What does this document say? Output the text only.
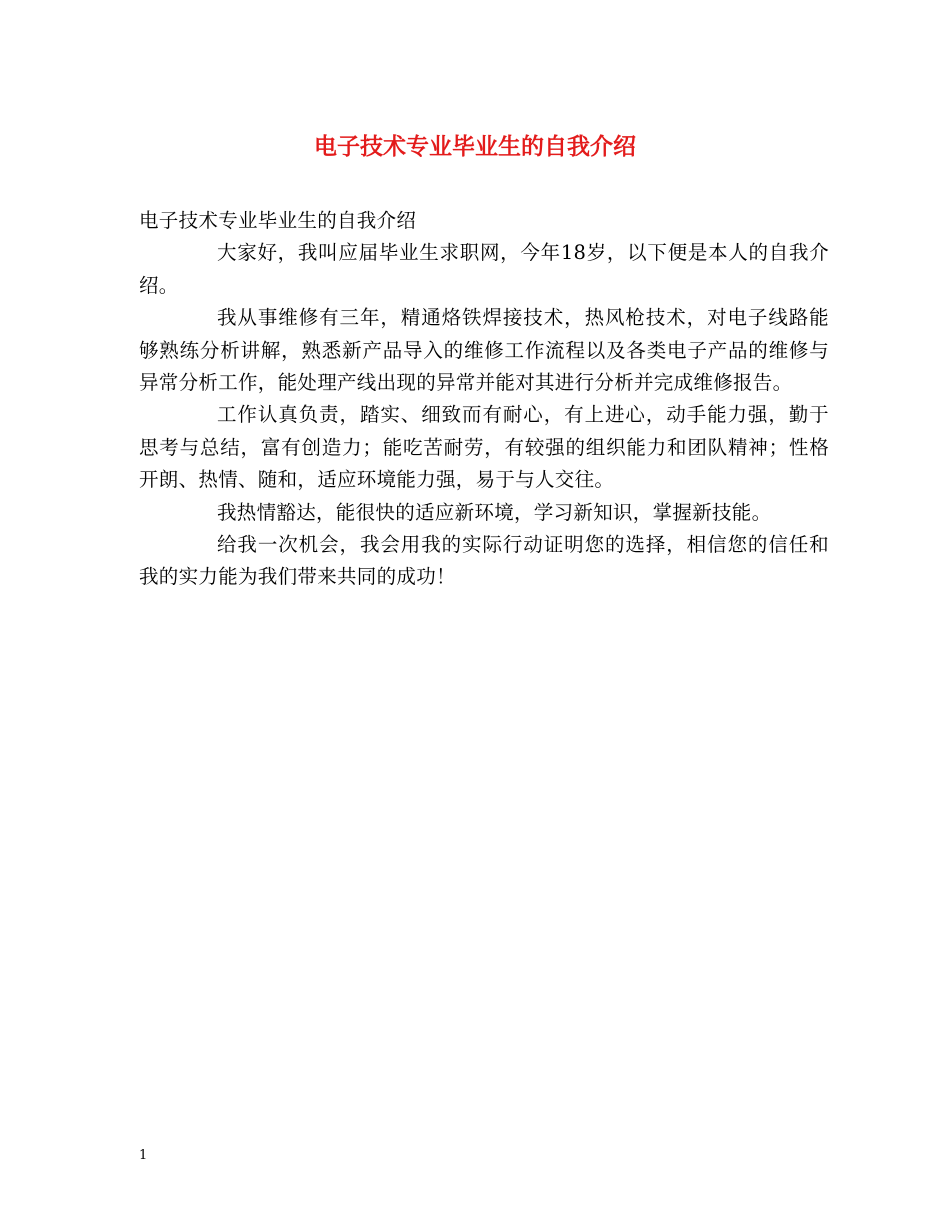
电子技术专业毕业生的自我介绍

电子技术专业毕业生的自我介绍

大家好，我叫应届毕业生求职网，今年18岁，以下便是本人的自我介绍。

我从事维修有三年，精通烙铁焊接技术，热风枪技术，对电子线路能够熟练分析讲解，熟悉新产品导入的维修工作流程以及各类电子产品的维修与异常分析工作，能处理产线出现的异常并能对其进行分析并完成维修报告。

工作认真负责，踏实、细致而有耐心，有上进心，动手能力强，勤于思考与总结，富有创造力；能吃苦耐劳，有较强的组织能力和团队精神；性格开朗、热情、随和，适应环境能力强，易于与人交往。

我热情豁达，能很快的适应新环境，学习新知识，掌握新技能。

给我一次机会，我会用我的实际行动证明您的选择，相信您的信任和我的实力能为我们带来共同的成功！

1
